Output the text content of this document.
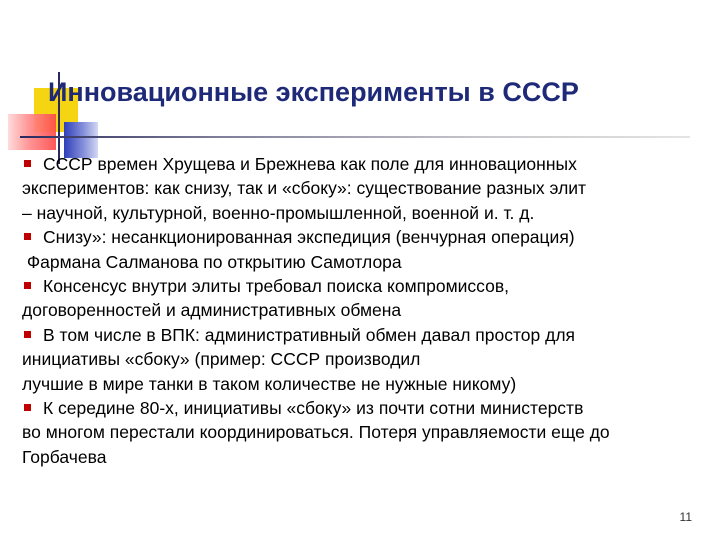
Инновационные эксперименты в СССР
СССР времен Хрущева и Брежнева как поле для инновационных
экспериментов: как снизу, так и «сбоку»: существование разных элит
– научной, культурной, военно-промышленной, военной и. т. д.
Снизу»: несанкционированная экспедиция (венчурная операция)
Фармана Салманова по открытию Самотлора
Консенсус внутри элиты требовал поиска компромиссов,
договоренностей и административных обмена
В том числе в ВПК: административный обмен давал простор для
инициативы «сбоку» (пример: СССР производил
лучшие в мире танки в таком количестве не нужные никому)
К середине 80-х, инициативы «сбоку» из почти сотни министерств
во многом перестали координироваться. Потеря управляемости еще до
Горбачева
11
